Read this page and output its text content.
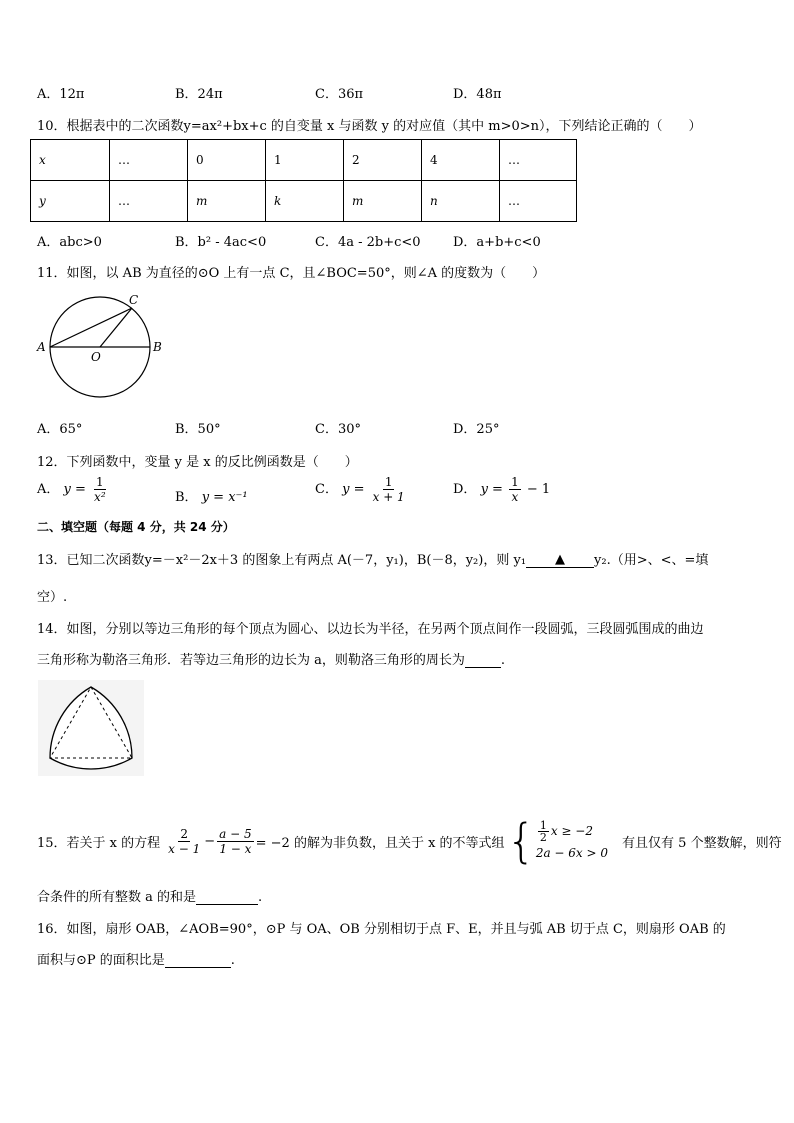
A．12π	B．24π	C．36π	D．48π
10．根据表中的二次函数y=ax²+bx+c 的自变量 x 与函数 y 的对应值（其中 m>0>n），下列结论正确的（　　）
x	…	0	1	2	4	…
y	…	m	k	m	n	…
A．abc>0	B．b² - 4ac<0	C．4a - 2b+c<0 D．a+b+c<0
11．如图，以 AB 为直径的⊙O 上有一点 C，且∠BOC=50°，则∠A 的度数为（　　）
A	B
C
O
A．65°	B．50°	C．30°	D．25°
12．下列函数中，变量 y 是 x 的反比例函数是（　　）
A． $y = \frac{1}{\text{x²}}$	B． y = x⁻¹
C． $y = \frac{1}{x + 1}$	D． $y = \frac{1}{x} - 1$
二、填空题（每题 4 分，共 24 分）
13．已知二次函数y=－x²－2x＋3 的图象上有两点 A(－7，y₁)，B(－8，y₂)，则 y₁ ▲ y₂.（用>、<、=填
空）.
14．如图，分别以等边三角形的每个顶点为圆心、以边长为半径，在另两个顶点间作一段圆弧，三段圆弧围成的曲边
三角形称为勒洛三角形．若等边三角形的边长为 a，则勒洛三角形的周长为	.
15．若关于 x 的方程 $\frac{2}{x - 1} - \frac{a - 5}{1 - x} = -2$ 的解为非负数，且关于 x 的不等式组 { $\frac{1}{2}$ x ≥ −2
2a − 6x > 0
有且仅有 5 个整数解，则符
合条件的所有整数 a 的和是	.
16．如图，扇形 OAB，∠AOB=90°，⊙P 与 OA、OB 分别相切于点 F、E，并且与弧 AB 切于点 C，则扇形 OAB 的
面积与⊙P 的面积比是	.
